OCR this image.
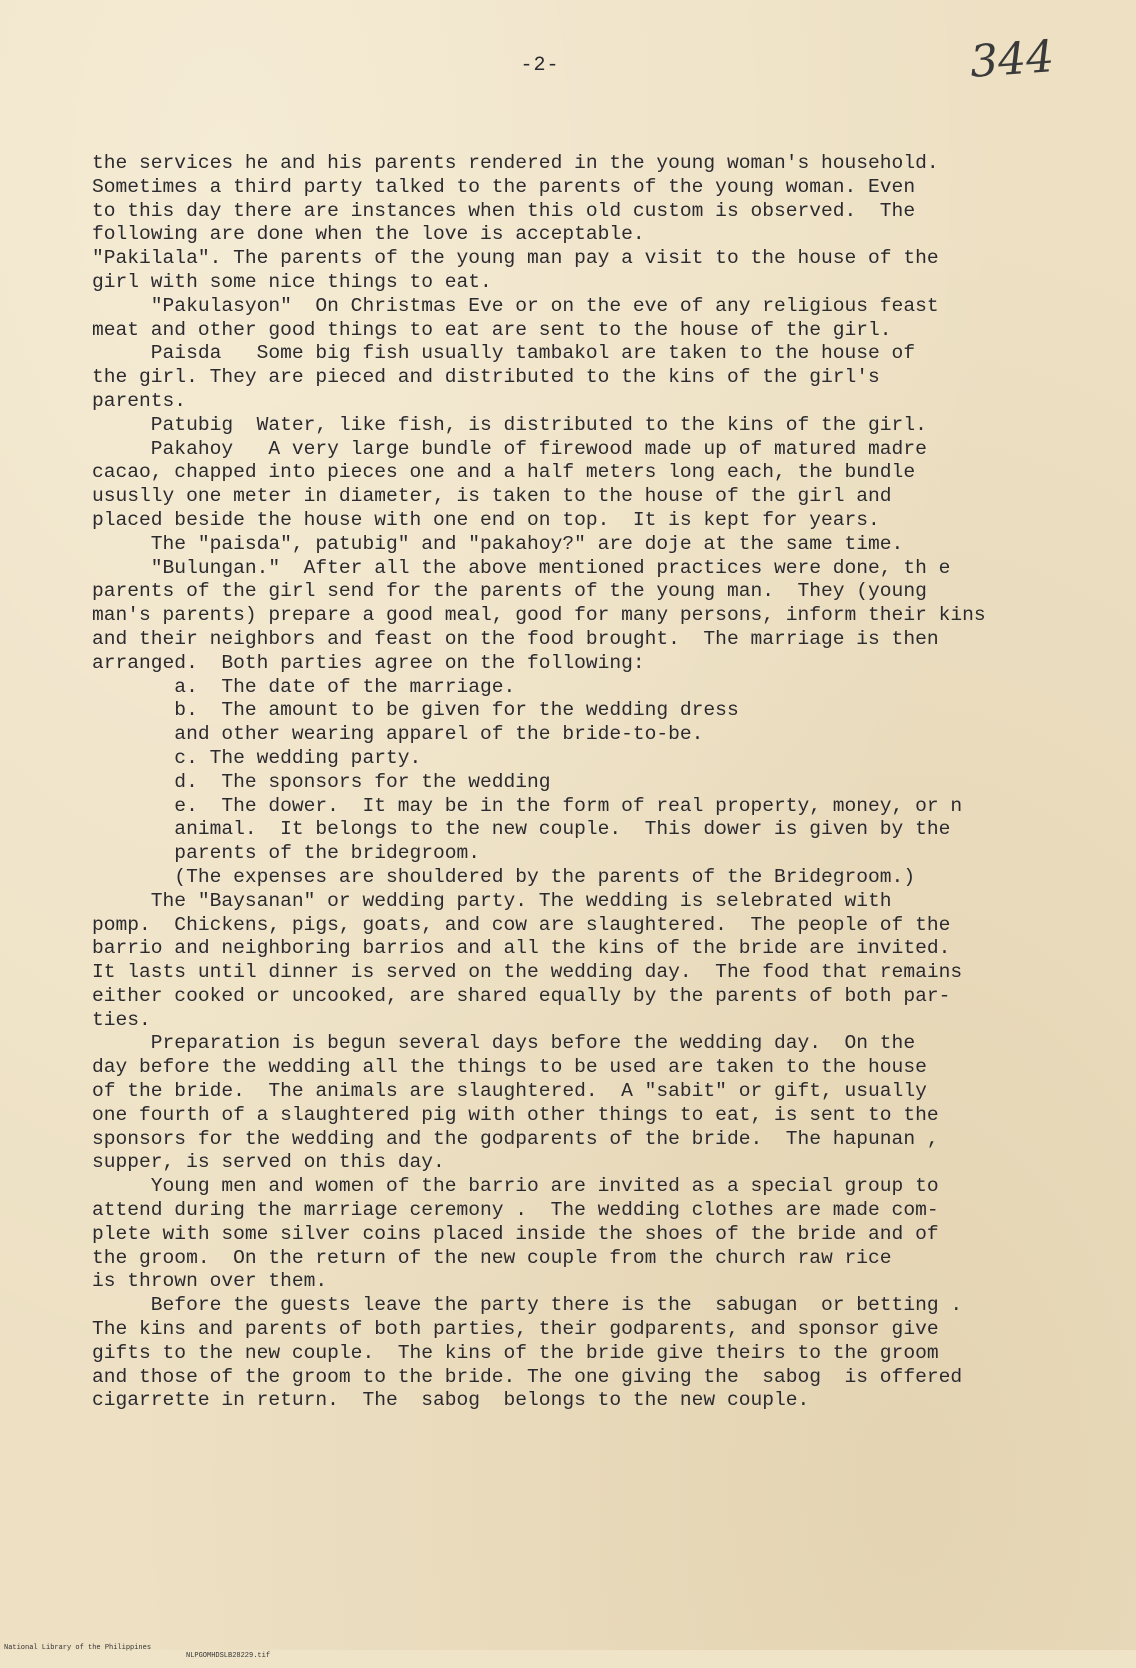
-2-	344
the services he and his parents rendered in the young woman's household.
Sometimes a third party talked to the parents of the young woman. Even
to this day there are instances when this old custom is observed.  The
following are done when the love is acceptable.
"Pakilala". The parents of the young man pay a visit to the house of the
girl with some nice things to eat.
"Pakulasyon"  On Christmas Eve or on the eve of any religious feast
meat and other good things to eat are sent to the house of the girl.
Paisda   Some big fish usually tambakol are taken to the house of
the girl. They are pieced and distributed to the kins of the girl's
parents.
Patubig  Water, like fish, is distributed to the kins of the girl.
Pakahoy   A very large bundle of firewood made up of matured madre
cacao, chapped into pieces one and a half meters long each, the bundle
ususlly one meter in diameter, is taken to the house of the girl and
placed beside the house with one end on top.  It is kept for years.
The "paisda", patubig" and "pakahoy?" are doje at the same time.
"Bulungan."  After all the above mentioned practices were done, th e
parents of the girl send for the parents of the young man.  They (young
man's parents) prepare a good meal, good for many persons, inform their kins
and their neighbors and feast on the food brought.  The marriage is then
arranged.  Both parties agree on the following:
a.  The date of the marriage.
b.  The amount to be given for the wedding dress
and other wearing apparel of the bride-to-be.
c. The wedding party.
d.  The sponsors for the wedding
e.  The dower.  It may be in the form of real property, money, or n
animal.  It belongs to the new couple.  This dower is given by the
parents of the bridegroom.
(The expenses are shouldered by the parents of the Bridegroom.)
The "Baysanan" or wedding party. The wedding is selebrated with
pomp.  Chickens, pigs, goats, and cow are slaughtered.  The people of the
barrio and neighboring barrios and all the kins of the bride are invited.
It lasts until dinner is served on the wedding day.  The food that remains
either cooked or uncooked, are shared equally by the parents of both par-
ties.
Preparation is begun several days before the wedding day.  On the
day before the wedding all the things to be used are taken to the house
of the bride.  The animals are slaughtered.  A "sabit" or gift, usually
one fourth of a slaughtered pig with other things to eat, is sent to the
sponsors for the wedding and the godparents of the bride.  The hapunan ,
supper, is served on this day.
Young men and women of the barrio are invited as a special group to
attend during the marriage ceremony .  The wedding clothes are made com-
plete with some silver coins placed inside the shoes of the bride and of
the groom.  On the return of the new couple from the church raw rice
is thrown over them.
Before the guests leave the party there is the  sabugan  or betting .
The kins and parents of both parties, their godparents, and sponsor give
gifts to the new couple.  The kins of the bride give theirs to the groom
and those of the groom to the bride. The one giving the  sabog  is offered
cigarrette in return.  The  sabog  belongs to the new couple.

National Library of the Philippines

NLPGOMHDSLB28229.tif
